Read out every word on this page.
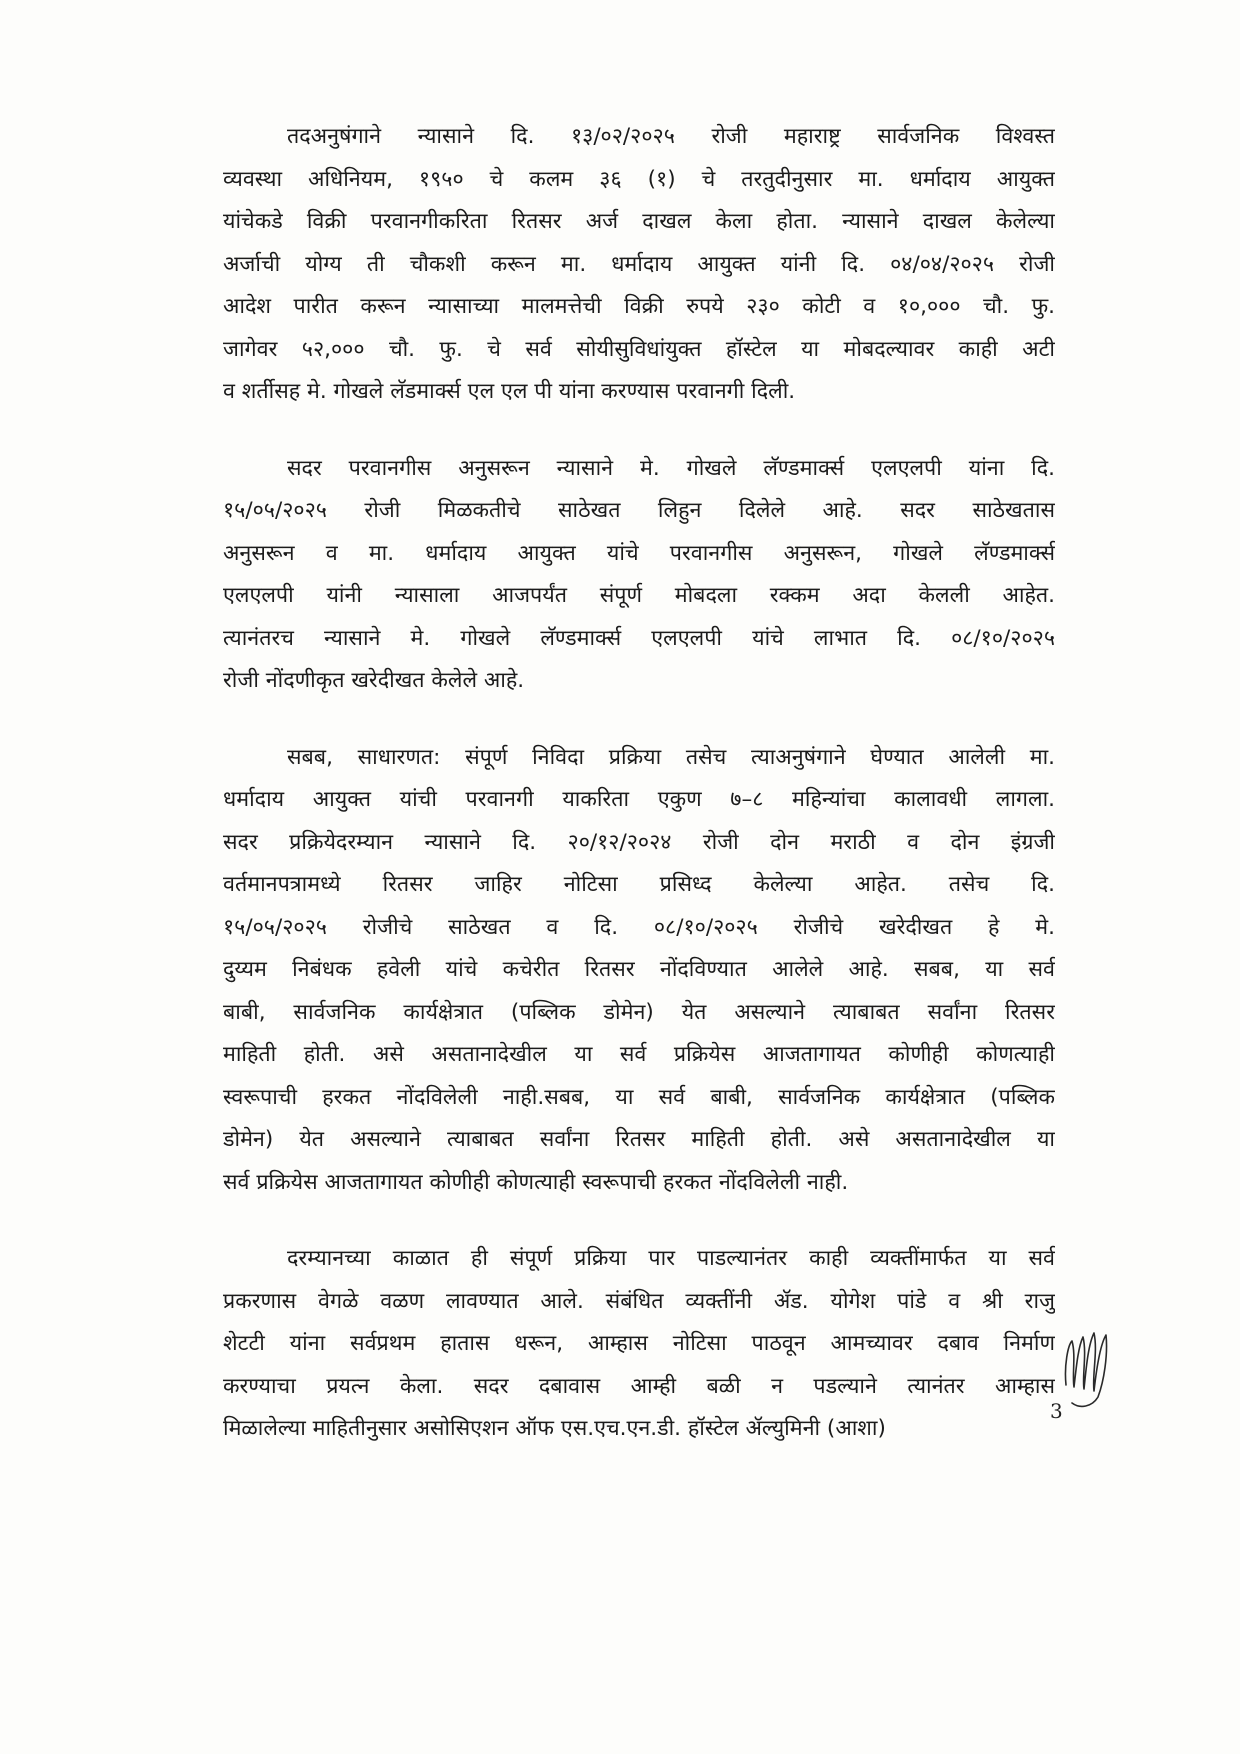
तदअनुषंगाने न्यासाने दि. १३/०२/२०२५ रोजी महाराष्ट्र सार्वजनिक विश्वस्त
व्यवस्था अधिनियम, १९५० चे कलम ३६ (१) चे तरतुदीनुसार मा. धर्मादाय आयुक्त
यांचेकडे विक्री परवानगीकरिता रितसर अर्ज दाखल केला होता. न्यासाने दाखल केलेल्या
अर्जाची योग्य ती चौकशी करून मा. धर्मादाय आयुक्त यांनी दि. ०४/०४/२०२५ रोजी
आदेश पारीत करून न्यासाच्या मालमत्तेची विक्री रुपये २३० कोटी व १०,००० चौ. फु.
जागेवर ५२,००० चौ. फु. चे सर्व सोयीसुविधांयुक्त हॉस्टेल या मोबदल्यावर काही अटी
व शर्तीसह मे. गोखले लॅडमार्क्स एल एल पी यांना करण्यास परवानगी दिली.

सदर परवानगीस अनुसरून न्यासाने मे. गोखले लॅण्डमार्क्स एलएलपी यांना दि.
१५/०५/२०२५ रोजी मिळकतीचे साठेखत लिहुन दिलेले आहे. सदर साठेखतास
अनुसरून व मा. धर्मादाय आयुक्त यांचे परवानगीस अनुसरून, गोखले लॅण्डमार्क्स
एलएलपी यांनी न्यासाला आजपर्यंत संपूर्ण मोबदला रक्कम अदा केलली आहेत.
त्यानंतरच न्यासाने मे. गोखले लॅण्डमार्क्स एलएलपी यांचे लाभात दि. ०८/१०/२०२५
रोजी नोंदणीकृत खरेदीखत केलेले आहे.

सबब, साधारणत: संपूर्ण निविदा प्रक्रिया तसेच त्याअनुषंगाने घेण्यात आलेली मा.
धर्मादाय आयुक्त यांची परवानगी याकरिता एकुण ७–८ महिन्यांचा कालावधी लागला.
सदर प्रक्रियेदरम्यान न्यासाने दि. २०/१२/२०२४ रोजी दोन मराठी व दोन इंग्रजी
वर्तमानपत्रामध्ये रितसर जाहिर नोटिसा प्रसिध्द केलेल्या आहेत. तसेच दि.
१५/०५/२०२५ रोजीचे साठेखत व दि. ०८/१०/२०२५ रोजीचे खरेदीखत हे मे.
दुय्यम निबंधक हवेली यांचे कचेरीत रितसर नोंदविण्यात आलेले आहे. सबब, या सर्व
बाबी, सार्वजनिक कार्यक्षेत्रात (पब्लिक डोमेन) येत असल्याने त्याबाबत सर्वांना रितसर
माहिती होती. असे असतानादेखील या सर्व प्रक्रियेस आजतागायत कोणीही कोणत्याही
स्वरूपाची हरकत नोंदविलेली नाही.सबब, या सर्व बाबी, सार्वजनिक कार्यक्षेत्रात (पब्लिक
डोमेन) येत असल्याने त्याबाबत सर्वांना रितसर माहिती होती. असे असतानादेखील या
सर्व प्रक्रियेस आजतागायत कोणीही कोणत्याही स्वरूपाची हरकत नोंदविलेली नाही.

दरम्यानच्या काळात ही संपूर्ण प्रक्रिया पार पाडल्यानंतर काही व्यक्तींमार्फत या सर्व
प्रकरणास वेगळे वळण लावण्यात आले. संबंधित व्यक्तींनी ॲड. योगेश पांडे व श्री राजु
शेटटी यांना सर्वप्रथम हातास धरून, आम्हास नोटिसा पाठवून आमच्यावर दबाव निर्माण
करण्याचा प्रयत्न केला. सदर दबावास आम्ही बळी न पडल्याने त्यानंतर आम्हास
मिळालेल्या माहितीनुसार असोसिएशन ऑफ एस.एच.एन.डी. हॉस्टेल ॲल्युमिनी (आशा)

3
